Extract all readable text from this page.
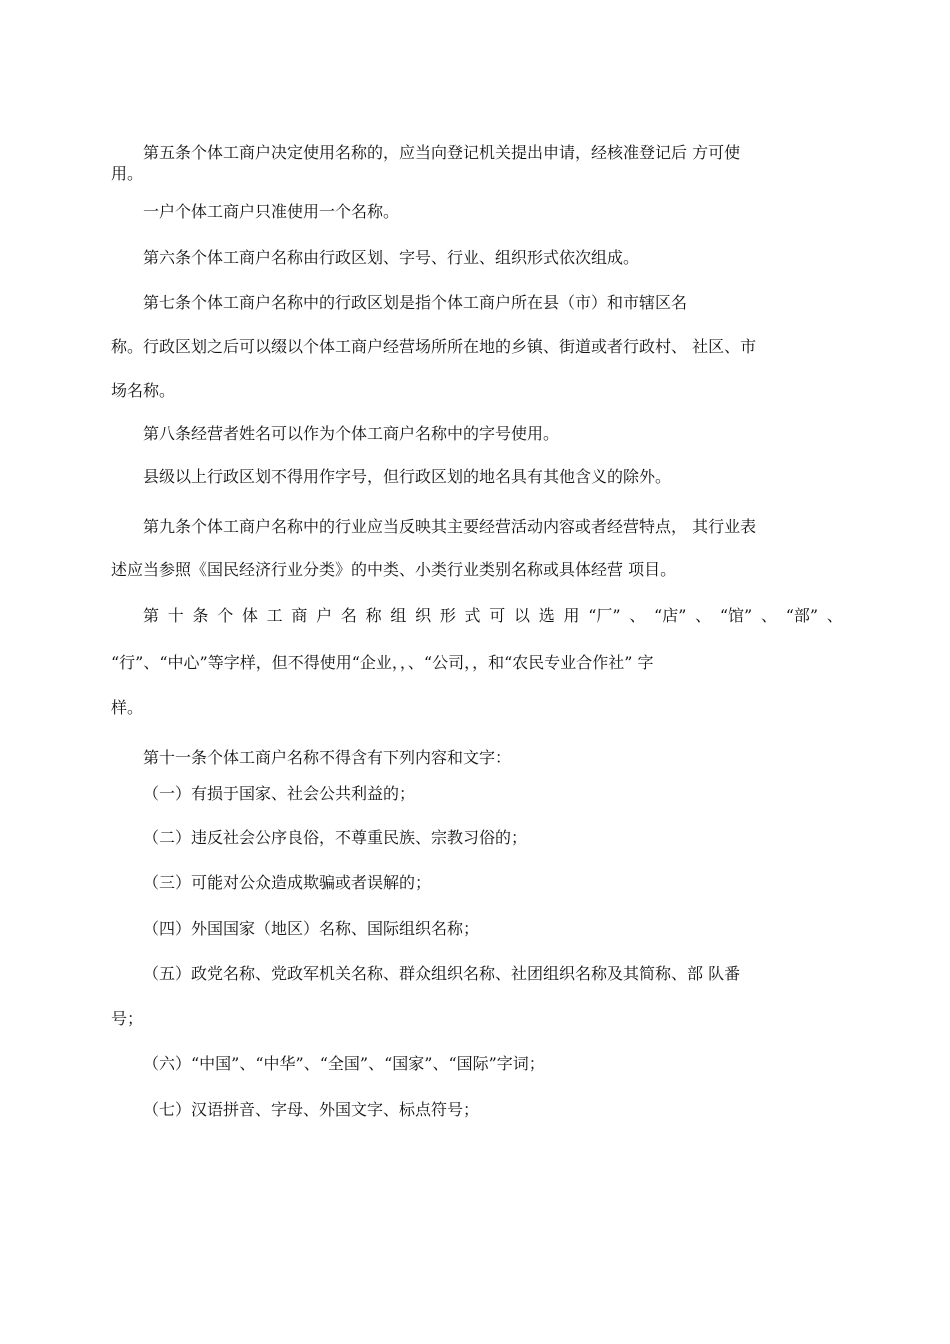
第五条个体工商户决定使用名称的，应当向登记机关提出申请，经核准登记后 方可使
用。
一户个体工商户只准使用一个名称。
第六条个体工商户名称由行政区划、字号、行业、组织形式依次组成。
第七条个体工商户名称中的行政区划是指个体工商户所在县（市）和市辖区名
称。行政区划之后可以缀以个体工商户经营场所所在地的乡镇、街道或者行政村、 社区、市
场名称。
第八条经营者姓名可以作为个体工商户名称中的字号使用。
县级以上行政区划不得用作字号，但行政区划的地名具有其他含义的除外。
第九条个体工商户名称中的行业应当反映其主要经营活动内容或者经营特点， 其行业表
述应当参照《国民经济行业分类》的中类、小类行业类别名称或具体经营 项目。
第 十 条 个 体 工 商 户 名 称 组 织 形 式 可 以 选 用 “厂” 、 “店” 、 “馆” 、 “部” 、
“行”、“中心”等字样，但不得使用“企业，，、“公司，，和“农民专业合作社” 字
样。
第十一条个体工商户名称不得含有下列内容和文字：
（一）有损于国家、社会公共利益的；
（二）违反社会公序良俗，不尊重民族、宗教习俗的；
（三）可能对公众造成欺骗或者误解的；
（四）外国国家（地区）名称、国际组织名称；
（五）政党名称、党政军机关名称、群众组织名称、社团组织名称及其简称、部 队番
号；
（六）“中国”、“中华”、“全国”、“国家”、“国际”字词；
（七）汉语拼音、字母、外国文字、标点符号；
